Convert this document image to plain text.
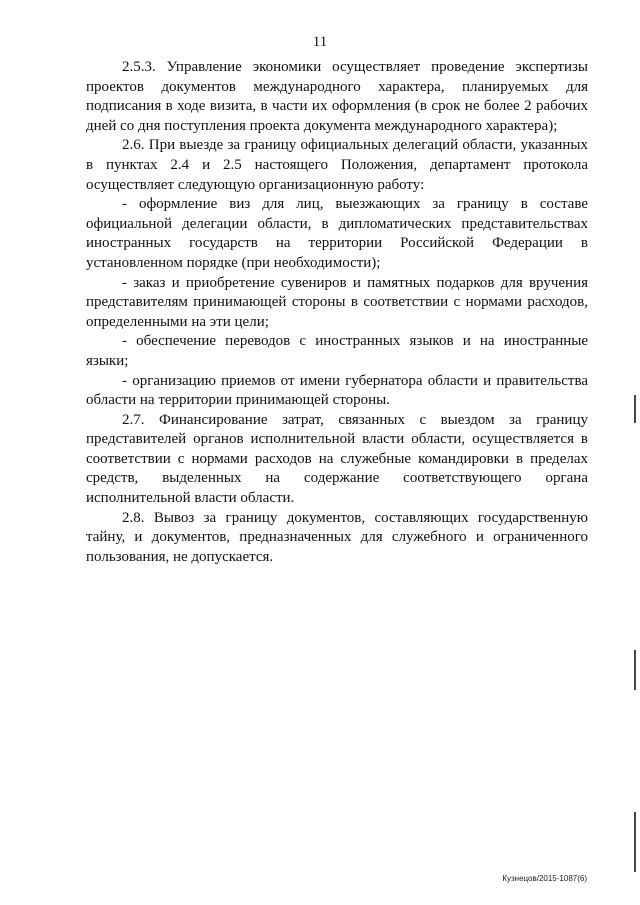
11

2.5.3. Управление экономики осуществляет проведение экспертизы проектов документов международного характера, планируемых для подписания в ходе визита, в части их оформления (в срок не более 2 рабочих дней со дня поступления проекта документа международного характера);

2.6. При выезде за границу официальных делегаций области, указанных в пунктах 2.4 и 2.5 настоящего Положения, департамент протокола осуществляет следующую организационную работу:

- оформление виз для лиц, выезжающих за границу в составе официальной делегации области, в дипломатических представительствах иностранных государств на территории Российской Федерации в установленном порядке (при необходимости);

- заказ и приобретение сувениров и памятных подарков для вручения представителям принимающей стороны в соответствии с нормами расходов, определенными на эти цели;

- обеспечение переводов с иностранных языков и на иностранные языки;

- организацию приемов от имени губернатора области и правительства области на территории принимающей стороны.

2.7. Финансирование затрат, связанных с выездом за границу представителей органов исполнительной власти области, осуществляется в соответствии с нормами расходов на служебные командировки в пределах средств, выделенных на содержание соответствующего органа исполнительной власти области.

2.8. Вывоз за границу документов, составляющих государственную тайну, и документов, предназначенных для служебного и ограниченного пользования, не допускается.

Кузнецов/2015-1087(6)
